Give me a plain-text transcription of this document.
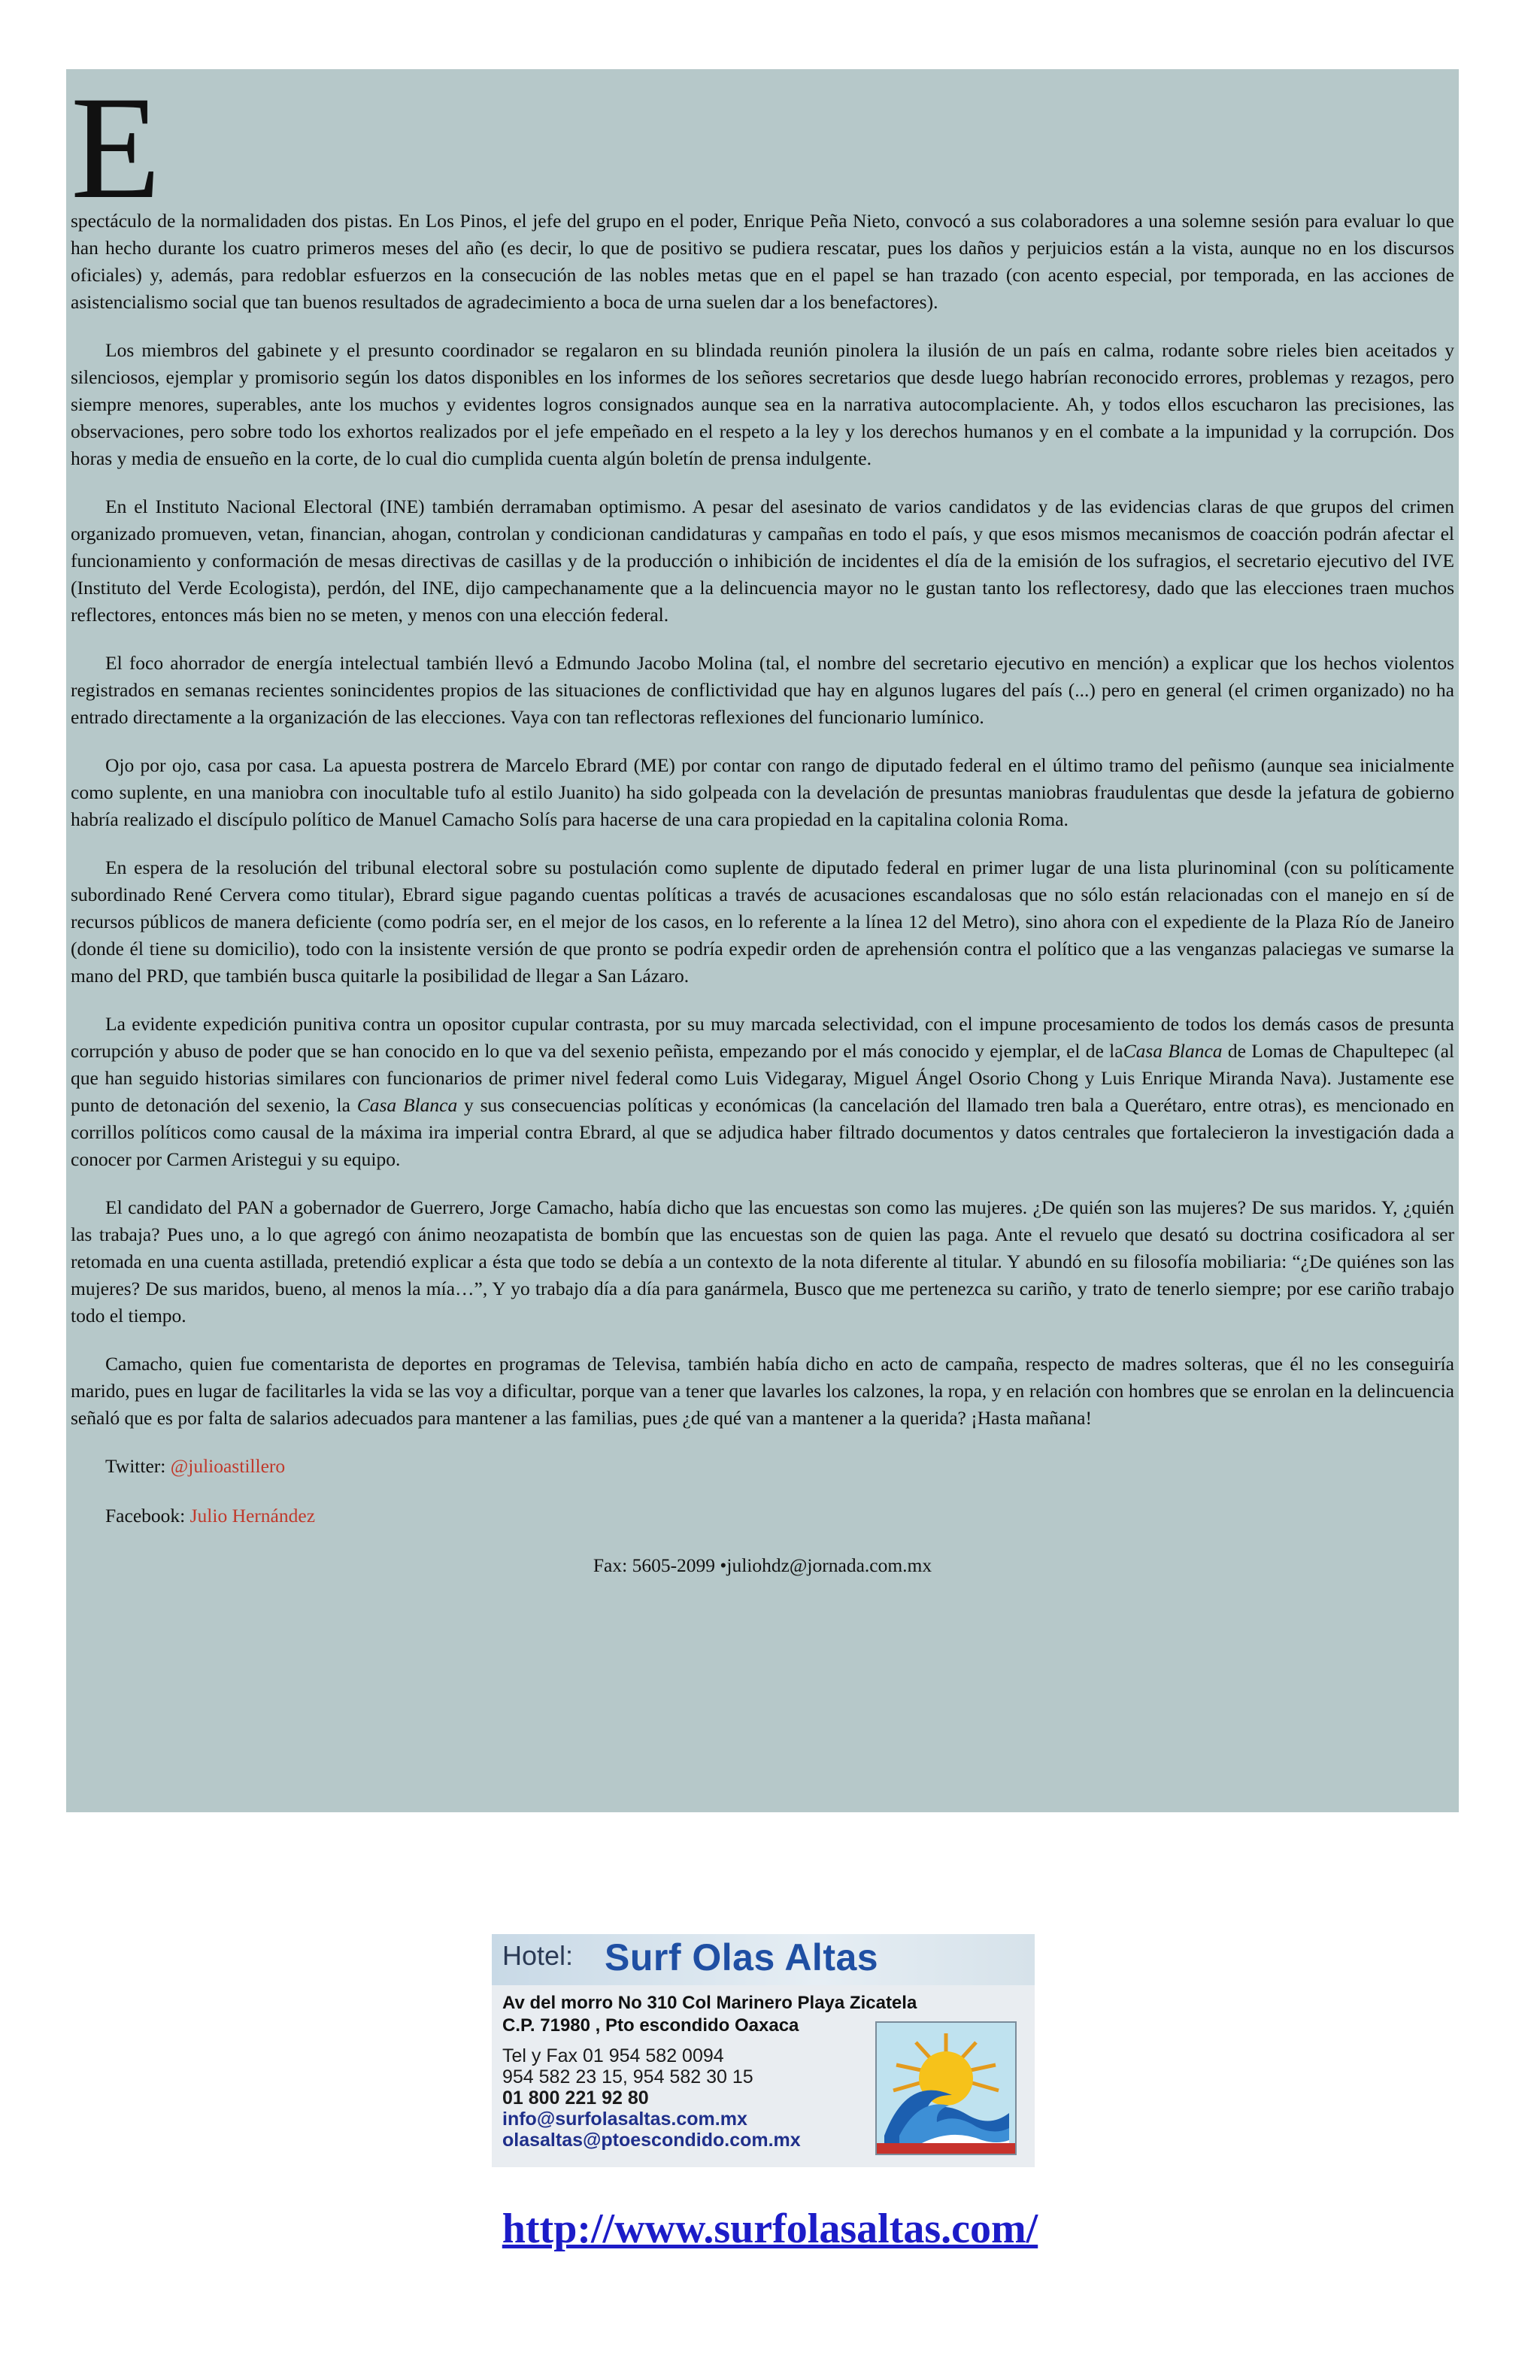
E

spectáculo de la normalidaden dos pistas. En Los Pinos, el jefe del grupo en el poder, Enrique Peña Nieto, convocó a sus colaboradores a una solemne sesión para evaluar lo que han hecho durante los cuatro primeros meses del año (es decir, lo que de positivo se pudiera rescatar, pues los daños y perjuicios están a la vista, aunque no en los discursos oficiales) y, además, para redoblar esfuerzos en la consecución de las nobles metas que en el papel se han trazado (con acento especial, por temporada, en las acciones de asistencialismo social que tan buenos resultados de agradecimiento a boca de urna suelen dar a los benefactores).

Los miembros del gabinete y el presunto coordinador se regalaron en su blindada reunión pinolera la ilusión de un país en calma, rodante sobre rieles bien aceitados y silenciosos, ejemplar y promisorio según los datos disponibles en los informes de los señores secretarios que desde luego habrían reconocido errores, problemas y rezagos, pero siempre menores, superables, ante los muchos y evidentes logros consignados aunque sea en la narrativa autocomplaciente. Ah, y todos ellos escucharon las precisiones, las observaciones, pero sobre todo los exhortos realizados por el jefe empeñado en el respeto a la ley y los derechos humanos y en el combate a la impunidad y la corrupción. Dos horas y media de ensueño en la corte, de lo cual dio cumplida cuenta algún boletín de prensa indulgente.

En el Instituto Nacional Electoral (INE) también derramaban optimismo. A pesar del asesinato de varios candidatos y de las evidencias claras de que grupos del crimen organizado promueven, vetan, financian, ahogan, controlan y condicionan candidaturas y campañas en todo el país, y que esos mismos mecanismos de coacción podrán afectar el funcionamiento y conformación de mesas directivas de casillas y de la producción o inhibición de incidentes el día de la emisión de los sufragios, el secretario ejecutivo del IVE (Instituto del Verde Ecologista), perdón, del INE, dijo campechanamente que a la delincuencia mayor no le gustan tanto los reflectoresy, dado que las elecciones traen muchos reflectores, entonces más bien no se meten, y menos con una elección federal.

El foco ahorrador de energía intelectual también llevó a Edmundo Jacobo Molina (tal, el nombre del secretario ejecutivo en mención) a explicar que los hechos violentos registrados en semanas recientes sonincidentes propios de las situaciones de conflictividad que hay en algunos lugares del país (...) pero en general (el crimen organizado) no ha entrado directamente a la organización de las elecciones. Vaya con tan reflectoras reflexiones del funcionario lumínico.

Ojo por ojo, casa por casa. La apuesta postrera de Marcelo Ebrard (ME) por contar con rango de diputado federal en el último tramo del peñismo (aunque sea inicialmente como suplente, en una maniobra con inocultable tufo al estilo Juanito) ha sido golpeada con la develación de presuntas maniobras fraudulentas que desde la jefatura de gobierno habría realizado el discípulo político de Manuel Camacho Solís para hacerse de una cara propiedad en la capitalina colonia Roma.

En espera de la resolución del tribunal electoral sobre su postulación como suplente de diputado federal en primer lugar de una lista plurinominal (con su políticamente subordinado René Cervera como titular), Ebrard sigue pagando cuentas políticas a través de acusaciones escandalosas que no sólo están relacionadas con el manejo en sí de recursos públicos de manera deficiente (como podría ser, en el mejor de los casos, en lo referente a la línea 12 del Metro), sino ahora con el expediente de la Plaza Río de Janeiro (donde él tiene su domicilio), todo con la insistente versión de que pronto se podría expedir orden de aprehensión contra el político que a las venganzas palaciegas ve sumarse la mano del PRD, que también busca quitarle la posibilidad de llegar a San Lázaro.

La evidente expedición punitiva contra un opositor cupular contrasta, por su muy marcada selectividad, con el impune procesamiento de todos los demás casos de presunta corrupción y abuso de poder que se han conocido en lo que va del sexenio peñista, empezando por el más conocido y ejemplar, el de laCasa Blanca de Lomas de Chapultepec (al que han seguido historias similares con funcionarios de primer nivel federal como Luis Videgaray, Miguel Ángel Osorio Chong y Luis Enrique Miranda Nava). Justamente ese punto de detonación del sexenio, la Casa Blanca y sus consecuencias políticas y económicas (la cancelación del llamado tren bala a Querétaro, entre otras), es mencionado en corrillos políticos como causal de la máxima ira imperial contra Ebrard, al que se adjudica haber filtrado documentos y datos centrales que fortalecieron la investigación dada a conocer por Carmen Aristegui y su equipo.

El candidato del PAN a gobernador de Guerrero, Jorge Camacho, había dicho que las encuestas son como las mujeres. ¿De quién son las mujeres? De sus maridos. Y, ¿quién las trabaja? Pues uno, a lo que agregó con ánimo neozapatista de bombín que las encuestas son de quien las paga. Ante el revuelo que desató su doctrina cosificadora al ser retomada en una cuenta astillada, pretendió explicar a ésta que todo se debía a un contexto de la nota diferente al titular. Y abundó en su filosofía mobiliaria: “¿De quiénes son las mujeres? De sus maridos, bueno, al menos la mía…”, Y yo trabajo día a día para ganármela, Busco que me pertenezca su cariño, y trato de tenerlo siempre; por ese cariño trabajo todo el tiempo.

Camacho, quien fue comentarista de deportes en programas de Televisa, también había dicho en acto de campaña, respecto de madres solteras, que él no les conseguiría marido, pues en lugar de facilitarles la vida se las voy a dificultar, porque van a tener que lavarles los calzones, la ropa, y en relación con hombres que se enrolan en la delincuencia señaló que es por falta de salarios adecuados para mantener a las familias, pues ¿de qué van a mantener a la querida? ¡Hasta mañana!

Twitter: @julioastillero
Facebook: Julio Hernández
Fax: 5605-2099 •juliohdz@jornada.com.mx
Hotel: Surf Olas Altas
Av del morro No 310 Col Marinero Playa Zicatela
C.P. 71980 , Pto escondido Oaxaca
Tel y Fax 01 954 582 0094
954 582 23 15, 954 582 30 15
01 800 221 92 80
info@surfolasaltas.com.mx
olasaltas@ptoescondido.com.mx
http://www.surfolasaltas.com/
